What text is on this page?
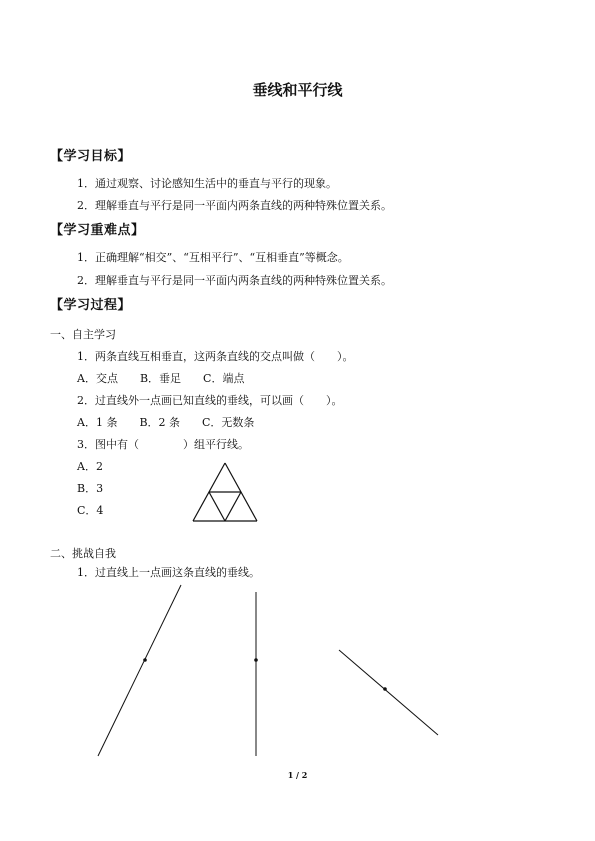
垂线和平行线
【学习目标】
1．通过观察、讨论感知生活中的垂直与平行的现象。
2．理解垂直与平行是同一平面内两条直线的两种特殊位置关系。
【学习重难点】
1．正确理解“相交”、“互相平行”、“互相垂直”等概念。
2．理解垂直与平行是同一平面内两条直线的两种特殊位置关系。
【学习过程】
一、自主学习
1．两条直线互相垂直，这两条直线的交点叫做（　　）。
A．交点　　B．垂足　　C．端点
2．过直线外一点画已知直线的垂线，可以画（　　）。
A．1 条　　B．2 条　　C．无数条
3．图中有（　　　　）组平行线。
A．2
B．3
C．4
二、挑战自我
1．过直线上一点画这条直线的垂线。
1 / 2
